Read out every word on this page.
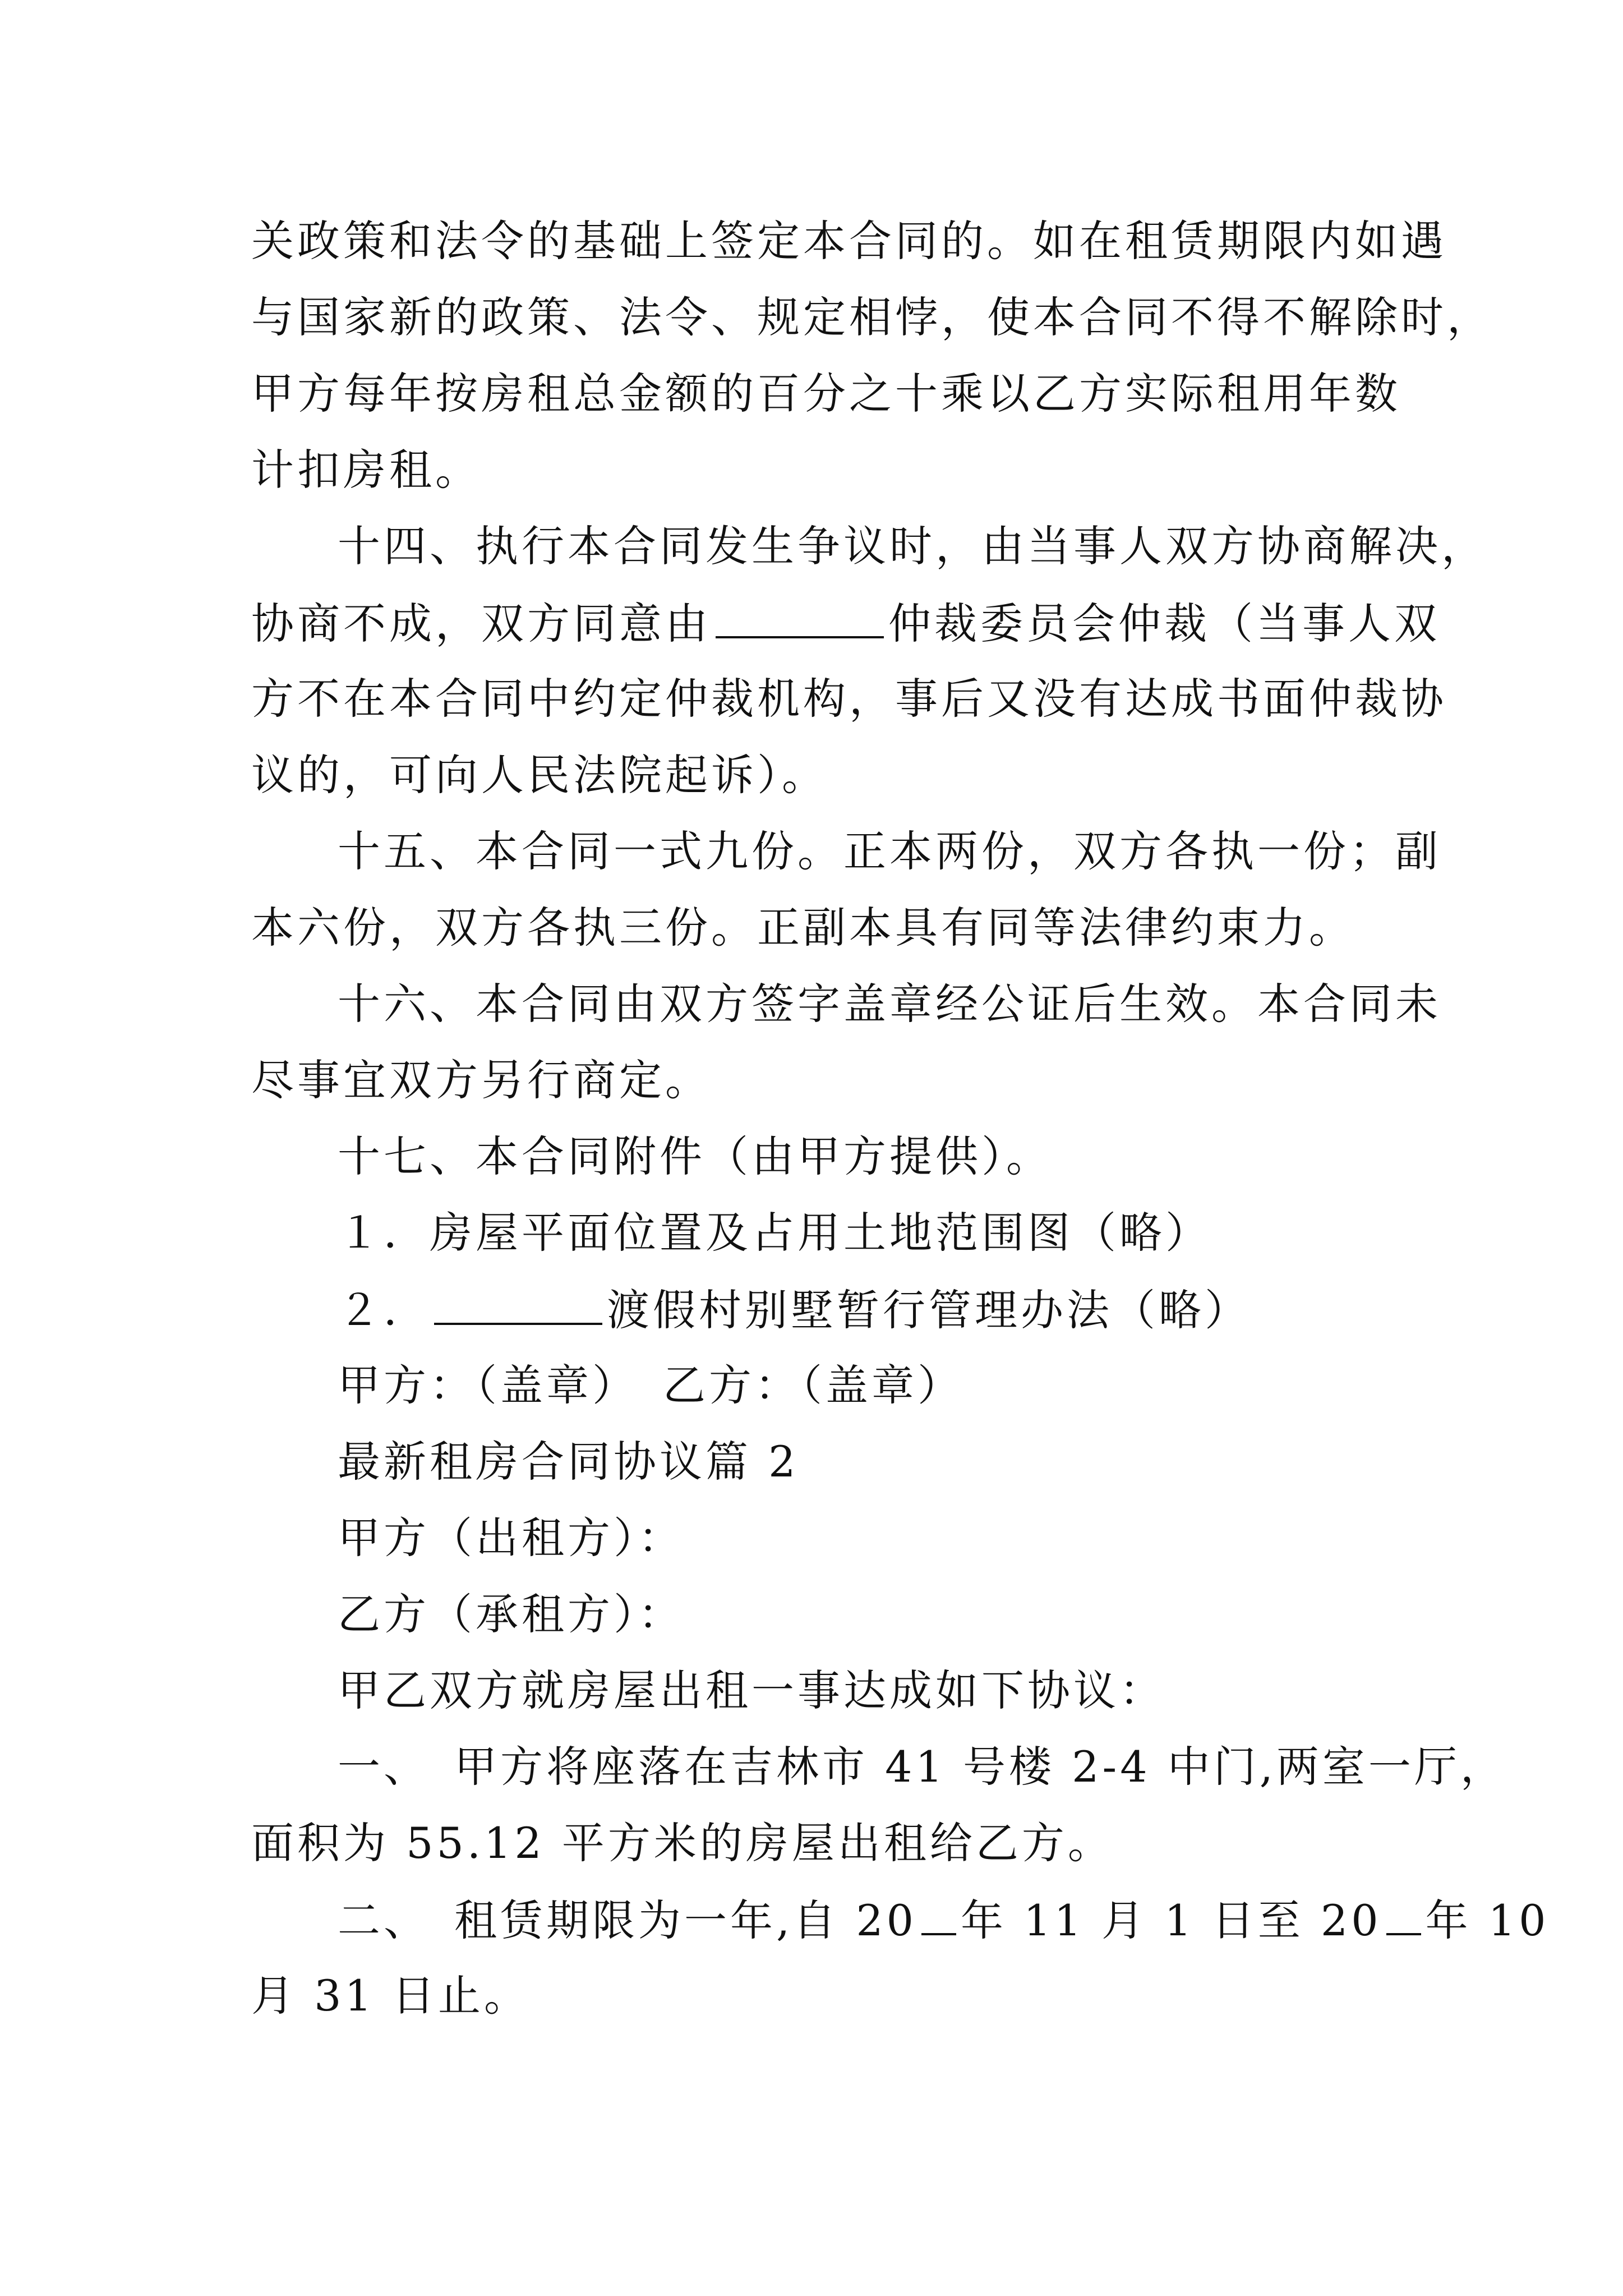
关政策和法令的基础上签定本合同的。如在租赁期限内如遇

与国家新的政策、法令、规定相悖，使本合同不得不解除时，

甲方每年按房租总金额的百分之十乘以乙方实际租用年数

计扣房租。

十四、执行本合同发生争议时，由当事人双方协商解决，

协商不成，双方同意由	仲裁委员会仲裁（当事人双

方不在本合同中约定仲裁机构，事后又没有达成书面仲裁协

议的，可向人民法院起诉）。

十五、本合同一式九份。正本两份，双方各执一份；副

本六份，双方各执三份。正副本具有同等法律约束力。

十六、本合同由双方签字盖章经公证后生效。本合同未

尽事宜双方另行商定。

十七、本合同附件（由甲方提供）。

１．房屋平面位置及占用土地范围图（略）

２．	渡假村别墅暂行管理办法（略）

甲方：（盖章）　乙方：（盖章）

最新租房合同协议篇 2

甲方（出租方）：

乙方（承租方）：

甲乙双方就房屋出租一事达成如下协议：

一、　甲方将座落在吉林市 41 号楼 2-4 中门,两室一厅，

面积为 55.12 平方米的房屋出租给乙方。

二、　租赁期限为一年,自 20 年 11 月 1 日至 20 年 10

月 31 日止。
